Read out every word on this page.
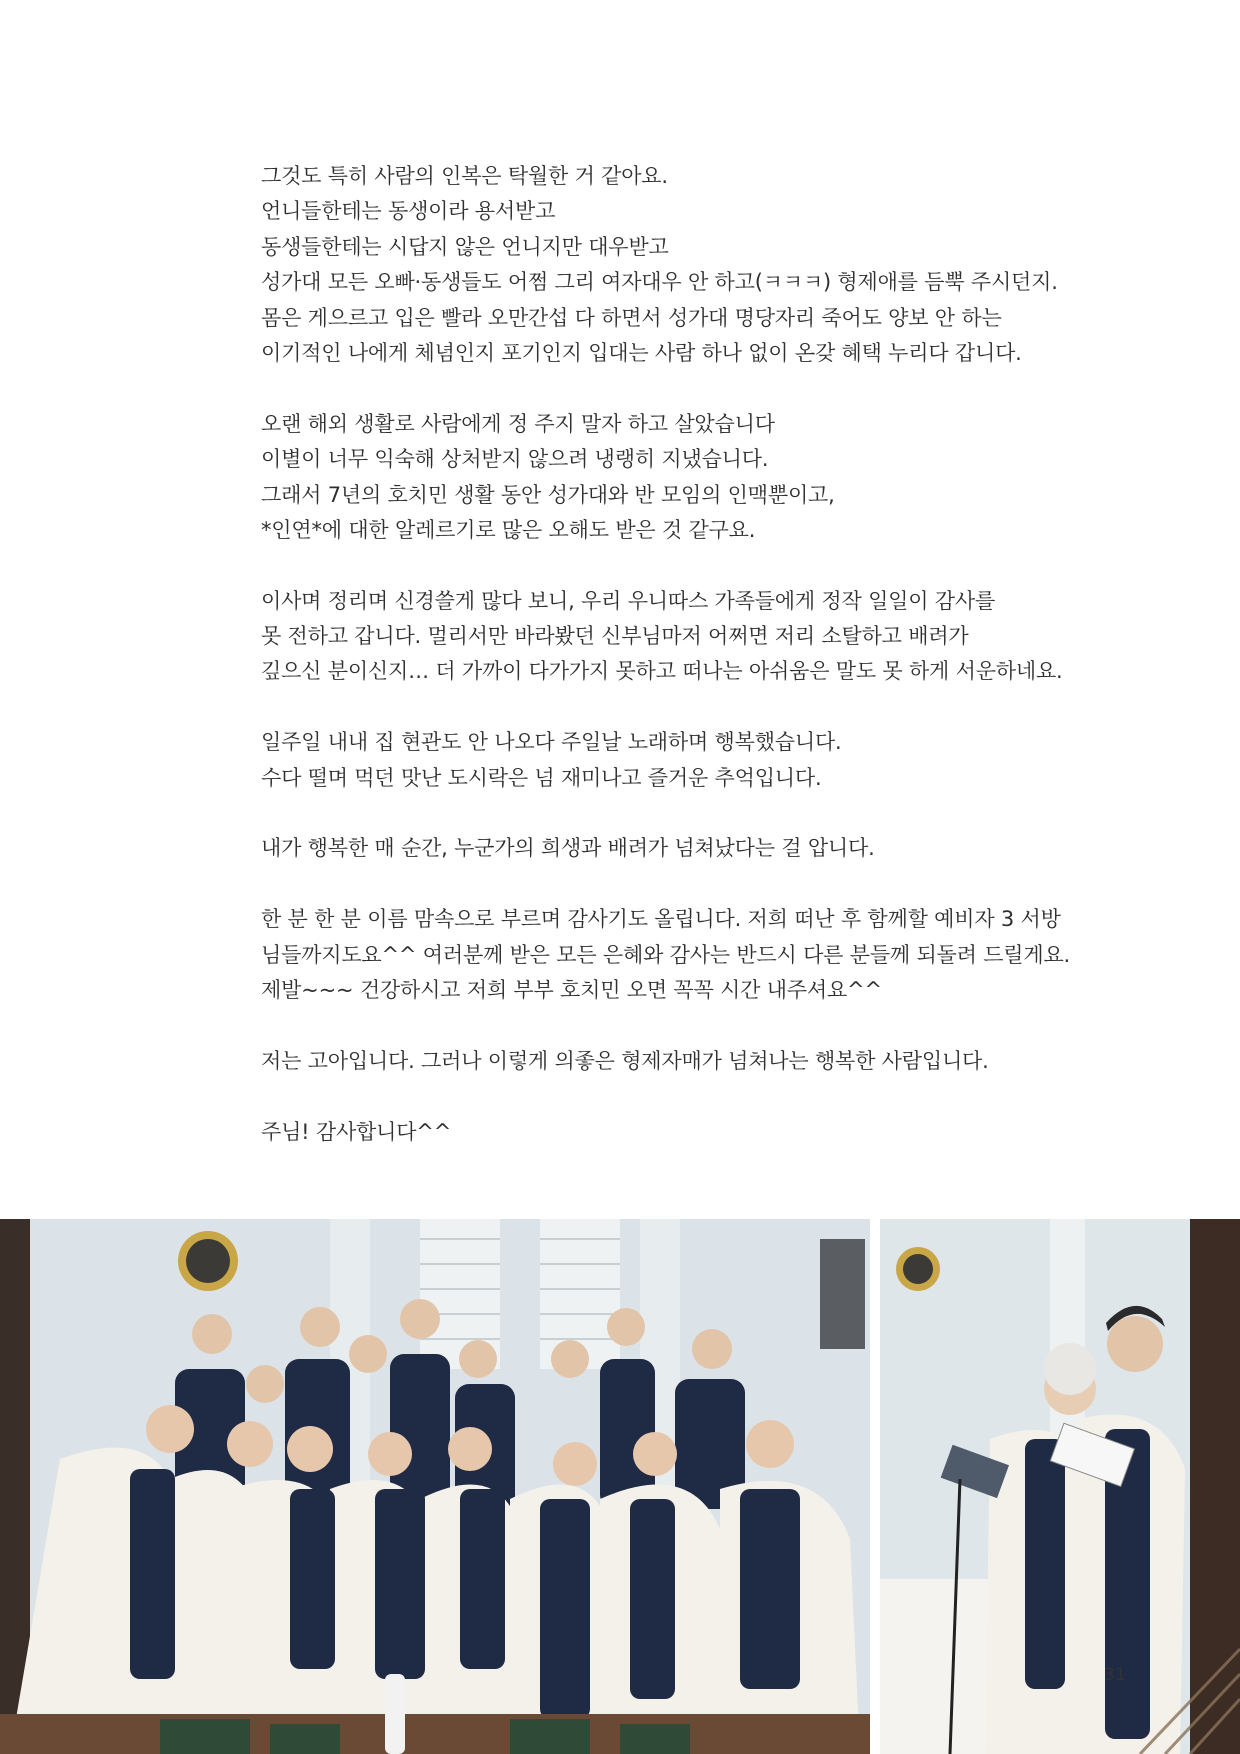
그것도 특히 사람의 인복은 탁월한 거 같아요.
언니들한테는 동생이라 용서받고
동생들한테는 시답지 않은 언니지만 대우받고
성가대 모든 오빠·동생들도 어쩜 그리 여자대우 안 하고(ㅋㅋㅋ) 형제애를 듬뿍 주시던지.
몸은 게으르고 입은 빨라 오만간섭 다 하면서 성가대 명당자리 죽어도 양보 안 하는
이기적인 나에게 체념인지 포기인지 입대는 사람 하나 없이 온갖 혜택 누리다 갑니다.
오랜 해외 생활로 사람에게 정 주지 말자 하고 살았습니다
이별이 너무 익숙해 상처받지 않으려 냉랭히 지냈습니다.
그래서 7년의 호치민 생활 동안 성가대와 반 모임의 인맥뿐이고,
*인연*에 대한 알레르기로 많은 오해도 받은 것 같구요.
이사며 정리며 신경쓸게 많다 보니, 우리 우니따스 가족들에게 정작 일일이 감사를
못 전하고 갑니다. 멀리서만 바라봤던 신부님마저 어쩌면 저리 소탈하고 배려가
깊으신 분이신지… 더 가까이 다가가지 못하고 떠나는 아쉬움은 말도 못 하게 서운하네요.
일주일 내내 집 현관도 안 나오다 주일날 노래하며 행복했습니다.
수다 떨며 먹던 맛난 도시락은 넘 재미나고 즐거운 추억입니다.
내가 행복한 매 순간, 누군가의 희생과 배려가 넘쳐났다는 걸 압니다.
한 분 한 분 이름 맘속으로 부르며 감사기도 올립니다. 저희 떠난 후 함께할 예비자 3 서방
님들까지도요^^ 여러분께 받은 모든 은혜와 감사는 반드시 다른 분들께 되돌려 드릴게요.
제발~~~ 건강하시고 저희 부부 호치민 오면 꼭꼭 시간 내주셔요^^
저는 고아입니다. 그러나 이렇게 의좋은 형제자매가 넘쳐나는 행복한 사람입니다.
주님! 감사합니다^^
31
